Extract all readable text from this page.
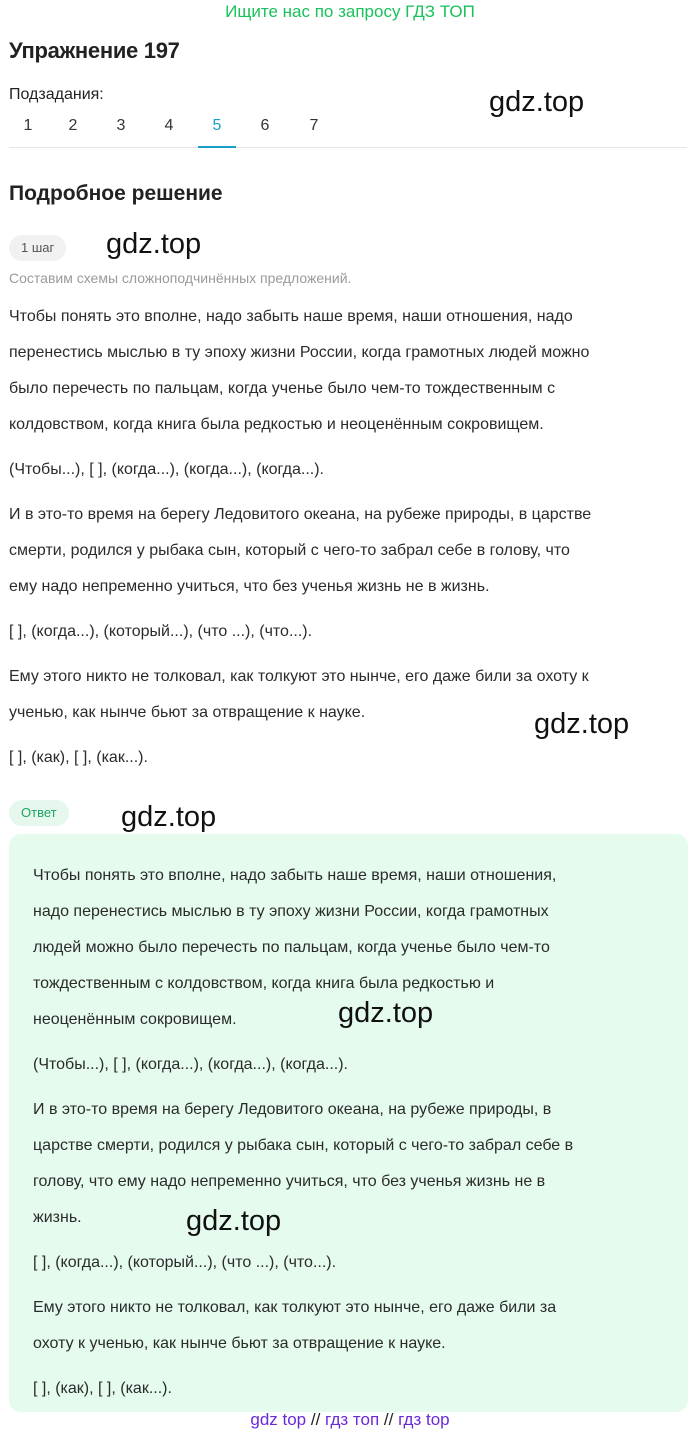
Ищите нас по запросу ГДЗ ТОП
Упражнение 197
Подзадания:
1	2	3	4	5	6	7
Подробное решение
1 шаг
Составим схемы сложноподчинённых предложений.
Чтобы понять это вполне, надо забыть наше время, наши отношения, надо
перенестись мыслью в ту эпоху жизни России, когда грамотных людей можно
было перечесть по пальцам, когда ученье было чем-то тождественным с
колдовством, когда книга была редкостью и неоценённым сокровищем.
(Чтобы...), [ ], (когда...), (когда...), (когда...).
И в это-то время на берегу Ледовитого океана, на рубеже природы, в царстве
смерти, родился у рыбака сын, который с чего-то забрал себе в голову, что
ему надо непременно учиться, что без ученья жизнь не в жизнь.
[ ], (когда...), (который...), (что ...), (что...).
Ему этого никто не толковал, как толкуют это нынче, его даже били за охоту к
ученью, как нынче бьют за отвращение к науке.
[ ], (как), [ ], (как...).
Ответ
Чтобы понять это вполне, надо забыть наше время, наши отношения,
надо перенестись мыслью в ту эпоху жизни России, когда грамотных
людей можно было перечесть по пальцам, когда ученье было чем-то
тождественным с колдовством, когда книга была редкостью и
неоценённым сокровищем.
(Чтобы...), [ ], (когда...), (когда...), (когда...).
И в это-то время на берегу Ледовитого океана, на рубеже природы, в
царстве смерти, родился у рыбака сын, который с чего-то забрал себе в
голову, что ему надо непременно учиться, что без ученья жизнь не в
жизнь.
[ ], (когда...), (который...), (что ...), (что...).
Ему этого никто не толковал, как толкуют это нынче, его даже били за
охоту к ученью, как нынче бьют за отвращение к науке.
[ ], (как), [ ], (как...).
gdz.top
gdz.top
gdz.top
gdz.top
gdz.top
gdz.top
gdz top // гдз топ // гдз top
